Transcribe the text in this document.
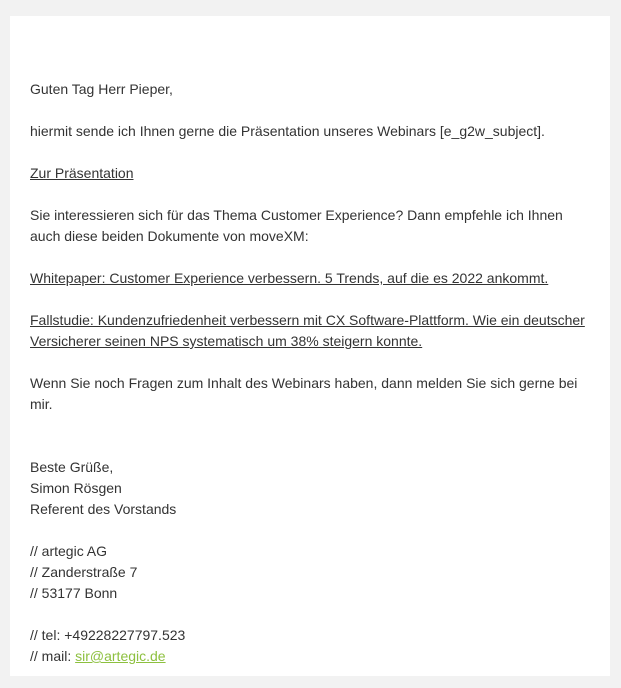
Guten Tag Herr Pieper,

hiermit sende ich Ihnen gerne die Präsentation unseres Webinars [e_g2w_subject].

Zur Präsentation

Sie interessieren sich für das Thema Customer Experience? Dann empfehle ich Ihnen auch diese beiden Dokumente von moveXM:

Whitepaper: Customer Experience verbessern. 5 Trends, auf die es 2022 ankommt.

Fallstudie: Kundenzufriedenheit verbessern mit CX Software-Plattform. Wie ein deutscher Versicherer seinen NPS systematisch um 38% steigern konnte.

Wenn Sie noch Fragen zum Inhalt des Webinars haben, dann melden Sie sich gerne bei mir.

Beste Grüße,
Simon Rösgen
Referent des Vorstands

// artegic AG
// Zanderstraße 7
// 53177 Bonn

// tel: +49228227797.523
// mail: sir@artegic.de
